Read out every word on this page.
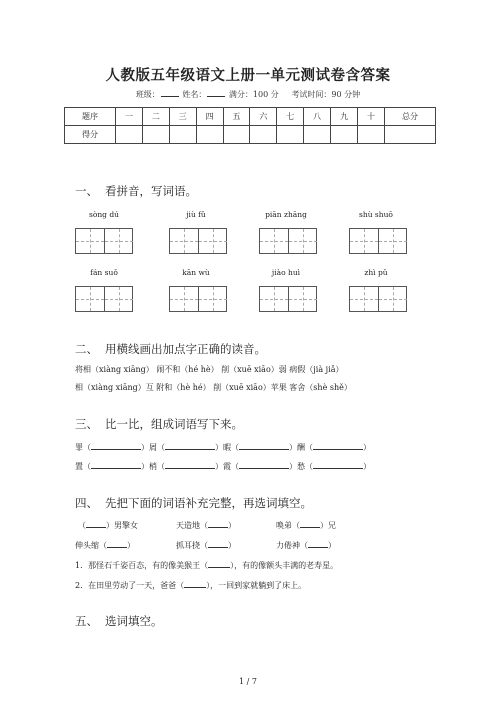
人教版五年级语文上册一单元测试卷含答案
班级：	姓名：	满分：100 分 考试时间：90 分钟
题序	一	二	三	四	五	六	七	八	九	十	总分
得分											
一、 看拼音，写词语。
sòng dú	jiù fǔ	piān zhāng	shù shuō
fán suǒ	kān wù	jiào huì	zhì pǔ
二、 用横线画出加点字正确的读音。
将相（xiàng xiāng） 闹不和（hé hè） 削（xuē xiāo）弱 病假（jià jiǎ）
相（xiàng xiāng）互 附和（hè hé） 削（xuē xiāo）苹果 客舍（shè shě）
三、 比一比，组成词语写下来。
罪（	）屑（	）暇（	）酬（	）
置（	）梢（	）霞（	）愁（	）
四、 先把下面的词语补充完整，再选词填空。
（	）男擎女	天造地（	）	唤弟（	）兄
伸头缩（	）	抓耳挠（	）	力倦神（	）
1．那怪石千姿百态，有的像美猴王（	），有的像额头丰满的老寿星。
2．在田里劳动了一天，爸爸（	），一回到家就躺到了床上。
五、 选词填空。
1 / 7
